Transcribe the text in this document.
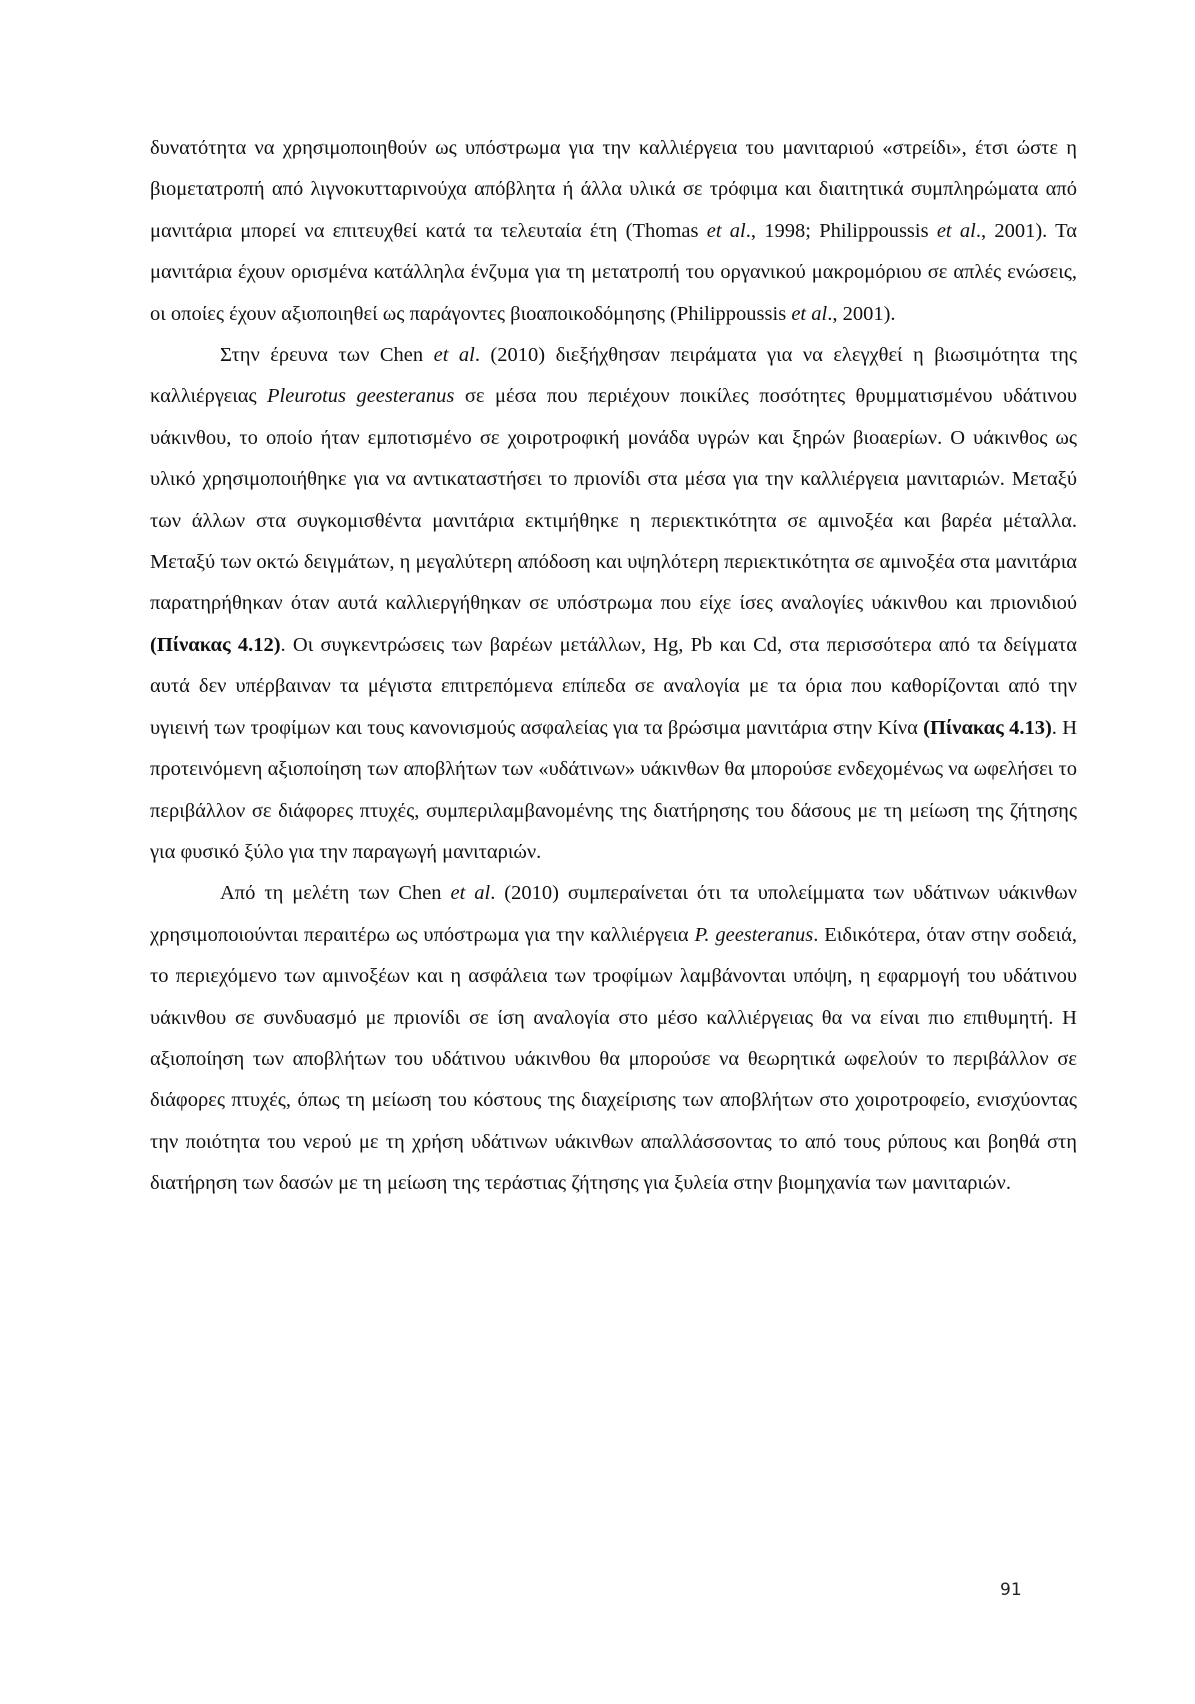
δυνατότητα να χρησιμοποιηθούν ως υπόστρωμα για την καλλιέργεια του μανιταριού «στρείδι», έτσι ώστε η βιομετατροπή από λιγνοκυτταρινούχα απόβλητα ή άλλα υλικά σε τρόφιμα και διαιτητικά συμπληρώματα από μανιτάρια μπορεί να επιτευχθεί κατά τα τελευταία έτη (Thomas et al., 1998; Philippoussis et al., 2001). Τα μανιτάρια έχουν ορισμένα κατάλληλα ένζυμα για τη μετατροπή του οργανικού μακρομόριου σε απλές ενώσεις, οι οποίες έχουν αξιοποιηθεί ως παράγοντες βιοαποικοδόμησης (Philippoussis et al., 2001).

Στην έρευνα των Chen et al. (2010) διεξήχθησαν πειράματα για να ελεγχθεί η βιωσιμότητα της καλλιέργειας Pleurotus geesteranus σε μέσα που περιέχουν ποικίλες ποσότητες θρυμματισμένου υδάτινου υάκινθου, το οποίο ήταν εμποτισμένο σε χοιροτροφική μονάδα υγρών και ξηρών βιοαερίων. Ο υάκινθος ως υλικό χρησιμοποιήθηκε για να αντικαταστήσει το πριονίδι στα μέσα για την καλλιέργεια μανιταριών. Μεταξύ των άλλων στα συγκομισθέντα μανιτάρια εκτιμήθηκε η περιεκτικότητα σε αμινοξέα και βαρέα μέταλλα. Μεταξύ των οκτώ δειγμάτων, η μεγαλύτερη απόδοση και υψηλότερη περιεκτικότητα σε αμινοξέα στα μανιτάρια παρατηρήθηκαν όταν αυτά καλλιεργήθηκαν σε υπόστρωμα που είχε ίσες αναλογίες υάκινθου και πριονιδιού (Πίνακας 4.12). Οι συγκεντρώσεις των βαρέων μετάλλων, Hg, Pb και Cd, στα περισσότερα από τα δείγματα αυτά δεν υπέρβαιναν τα μέγιστα επιτρεπόμενα επίπεδα σε αναλογία με τα όρια που καθορίζονται από την υγιεινή των τροφίμων και τους κανονισμούς ασφαλείας για τα βρώσιμα μανιτάρια στην Κίνα (Πίνακας 4.13). Η προτεινόμενη αξιοποίηση των αποβλήτων των «υδάτινων» υάκινθων θα μπορούσε ενδεχομένως να ωφελήσει το περιβάλλον σε διάφορες πτυχές, συμπεριλαμβανομένης της διατήρησης του δάσους με τη μείωση της ζήτησης για φυσικό ξύλο για την παραγωγή μανιταριών.

Από τη μελέτη των Chen et al. (2010) συμπεραίνεται ότι τα υπολείμματα των υδάτινων υάκινθων χρησιμοποιούνται περαιτέρω ως υπόστρωμα για την καλλιέργεια P. geesteranus. Ειδικότερα, όταν στην σοδειά, το περιεχόμενο των αμινοξέων και η ασφάλεια των τροφίμων λαμβάνονται υπόψη, η εφαρμογή του υδάτινου υάκινθου σε συνδυασμό με πριονίδι σε ίση αναλογία στο μέσο καλλιέργειας θα να είναι πιο επιθυμητή. Η αξιοποίηση των αποβλήτων του υδάτινου υάκινθου θα μπορούσε να θεωρητικά ωφελούν το περιβάλλον σε διάφορες πτυχές, όπως τη μείωση του κόστους της διαχείρισης των αποβλήτων στο χοιροτροφείο, ενισχύοντας την ποιότητα του νερού με τη χρήση υδάτινων υάκινθων απαλλάσσοντας το από τους ρύπους και βοηθά στη διατήρηση των δασών με τη μείωση της τεράστιας ζήτησης για ξυλεία στην βιομηχανία των μανιταριών.

91
